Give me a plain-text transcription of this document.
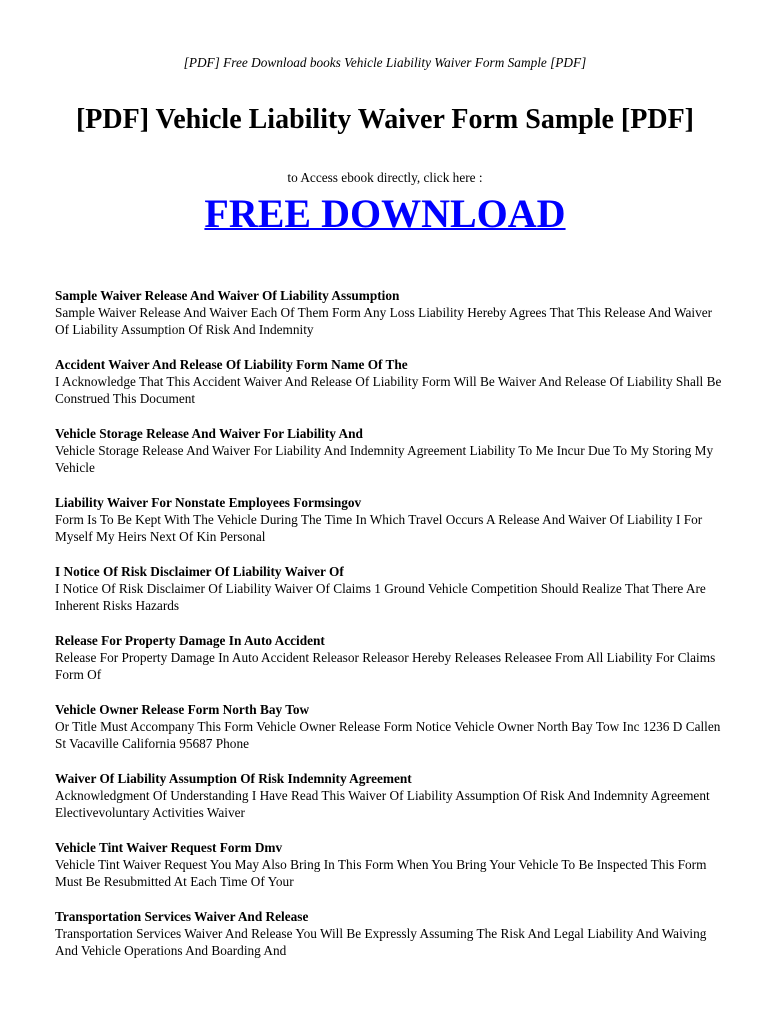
[PDF] Free Download books Vehicle Liability Waiver Form Sample [PDF]
[PDF] Vehicle Liability Waiver Form Sample [PDF]
to Access ebook directly, click here :
FREE DOWNLOAD
Sample Waiver Release And Waiver Of Liability Assumption

Sample Waiver Release And Waiver Each Of Them Form Any Loss Liability Hereby Agrees That This Release And Waiver Of Liability Assumption Of Risk And Indemnity

Accident Waiver And Release Of Liability Form Name Of The

I Acknowledge That This Accident Waiver And Release Of Liability Form Will Be Waiver And Release Of Liability Shall Be Construed This Document

Vehicle Storage Release And Waiver For Liability And

Vehicle Storage Release And Waiver For Liability And Indemnity Agreement Liability To Me Incur Due To My Storing My Vehicle

Liability Waiver For Nonstate Employees Formsingov

Form Is To Be Kept With The Vehicle During The Time In Which Travel Occurs A Release And Waiver Of Liability I For Myself My Heirs Next Of Kin Personal

I Notice Of Risk Disclaimer Of Liability Waiver Of

I Notice Of Risk Disclaimer Of Liability Waiver Of Claims 1 Ground Vehicle Competition Should Realize That There Are Inherent Risks Hazards

Release For Property Damage In Auto Accident

Release For Property Damage In Auto Accident Releasor Releasor Hereby Releases Releasee From All Liability For Claims Form Of

Vehicle Owner Release Form North Bay Tow

Or Title Must Accompany This Form Vehicle Owner Release Form Notice Vehicle Owner North Bay Tow Inc 1236 D Callen St Vacaville California 95687 Phone

Waiver Of Liability Assumption Of Risk Indemnity Agreement

Acknowledgment Of Understanding I Have Read This Waiver Of Liability Assumption Of Risk And Indemnity Agreement Electivevoluntary Activities Waiver

Vehicle Tint Waiver Request Form Dmv

Vehicle Tint Waiver Request You May Also Bring In This Form When You Bring Your Vehicle To Be Inspected This Form Must Be Resubmitted At Each Time Of Your

Transportation Services Waiver And Release

Transportation Services Waiver And Release You Will Be Expressly Assuming The Risk And Legal Liability And Waiving And Vehicle Operations And Boarding And
